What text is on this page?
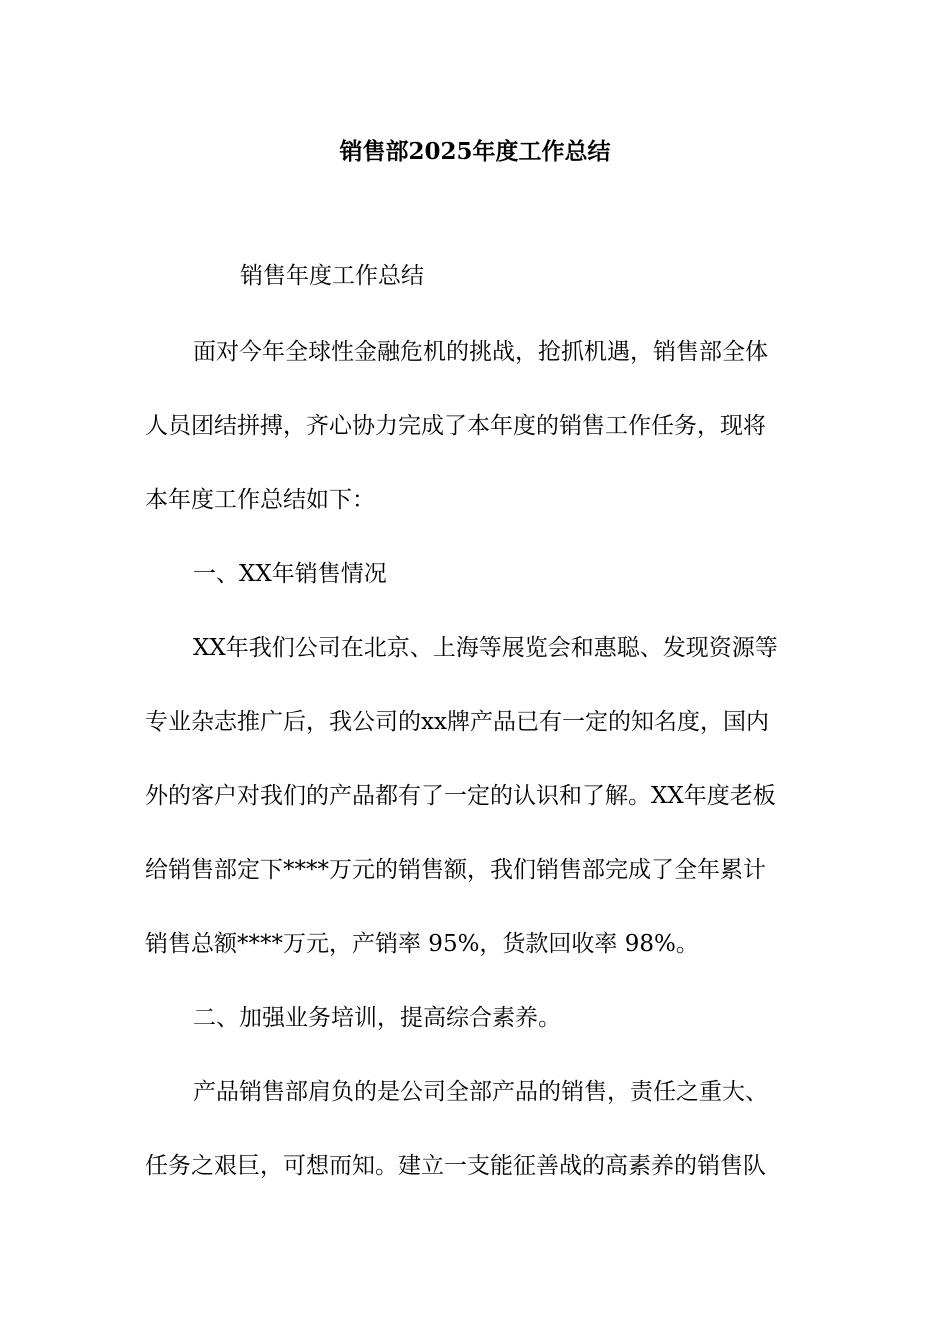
销售部2025年度工作总结
销售年度工作总结
面对今年全球性金融危机的挑战，抢抓机遇，销售部全体
人员团结拼搏，齐心协力完成了本年度的销售工作任务，现将
本年度工作总结如下：
一、XX年销售情况
XX年我们公司在北京、上海等展览会和惠聪、发现资源等
专业杂志推广后，我公司的xx牌产品已有一定的知名度，国内
外的客户对我们的产品都有了一定的认识和了解。XX年度老板
给销售部定下****万元的销售额，我们销售部完成了全年累计
销售总额****万元，产销率 95%，货款回收率 98%。
二、加强业务培训，提高综合素养。
产品销售部肩负的是公司全部产品的销售，责任之重大、
任务之艰巨，可想而知。建立一支能征善战的高素养的销售队
